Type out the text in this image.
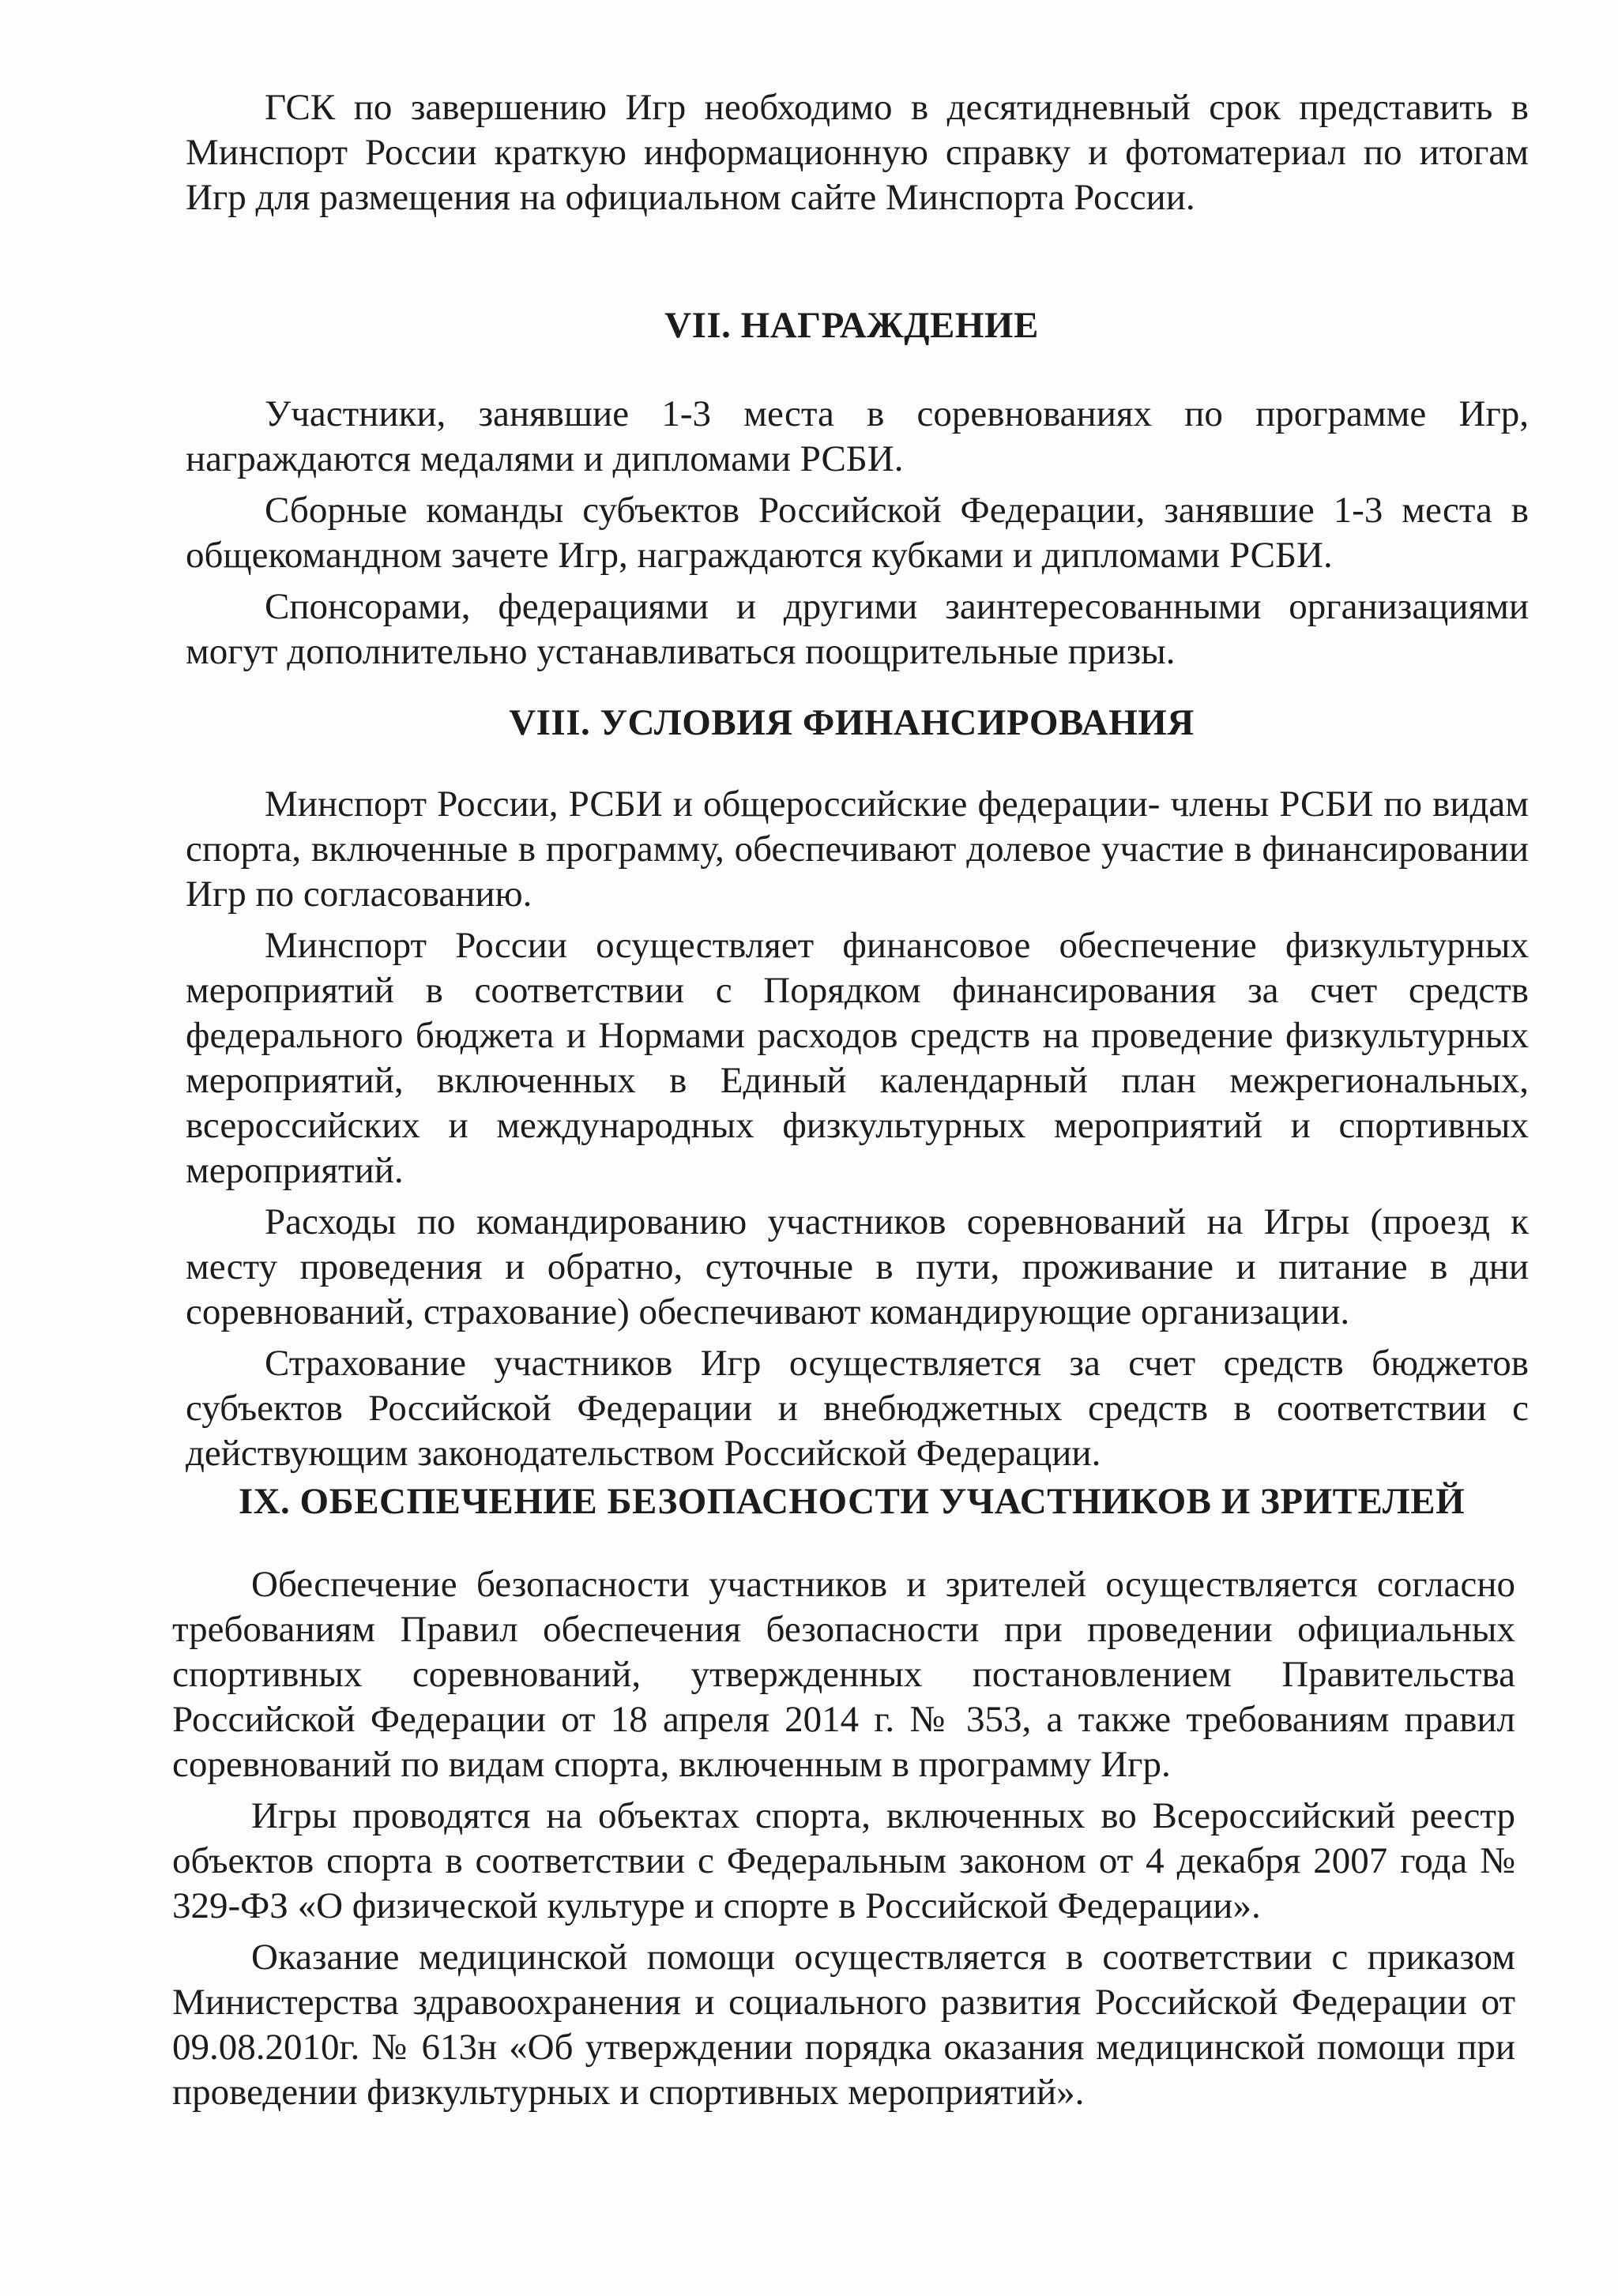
ГСК по завершению Игр необходимо в десятидневный срок представить в Минспорт России краткую информационную справку и фотоматериал по итогам Игр для размещения на официальном сайте Минспорта России.

VII. НАГРАЖДЕНИЕ

Участники, занявшие 1-3 места в соревнованиях по программе Игр, награждаются медалями и дипломами РСБИ.

Сборные команды субъектов Российской Федерации, занявшие 1-3 места в общекомандном зачете Игр, награждаются кубками и дипломами РСБИ.

Спонсорами, федерациями и другими заинтересованными организациями могут дополнительно устанавливаться поощрительные призы.

VIII. УСЛОВИЯ ФИНАНСИРОВАНИЯ

Минспорт России, РСБИ и общероссийские федерации- члены РСБИ по видам спорта, включенные в программу, обеспечивают долевое участие в финансировании Игр по согласованию.

Минспорт России осуществляет финансовое обеспечение физкультурных мероприятий в соответствии с Порядком финансирования за счет средств федерального бюджета и Нормами расходов средств на проведение физкультурных мероприятий, включенных в Единый календарный план межрегиональных, всероссийских и международных физкультурных мероприятий и спортивных мероприятий.

Расходы по командированию участников соревнований на Игры (проезд к месту проведения и обратно, суточные в пути, проживание и питание в дни соревнований, страхование) обеспечивают командирующие организации.

Страхование участников Игр осуществляется за счет средств бюджетов субъектов Российской Федерации и внебюджетных средств в соответствии с действующим законодательством Российской Федерации.

IX. ОБЕСПЕЧЕНИЕ БЕЗОПАСНОСТИ УЧАСТНИКОВ И ЗРИТЕЛЕЙ

Обеспечение безопасности участников и зрителей осуществляется согласно требованиям Правил обеспечения безопасности при проведении официальных спортивных соревнований, утвержденных постановлением Правительства Российской Федерации от 18 апреля 2014 г. № 353, а также требованиям правил соревнований по видам спорта, включенным в программу Игр.

Игры проводятся на объектах спорта, включенных во Всероссийский реестр объектов спорта в соответствии с Федеральным законом от 4 декабря 2007 года № 329-ФЗ «О физической культуре и спорте в Российской Федерации».

Оказание медицинской помощи осуществляется в соответствии с приказом Министерства здравоохранения и социального развития Российской Федерации от 09.08.2010г. № 613н «Об утверждении порядка оказания медицинской помощи при проведении физкультурных и спортивных мероприятий».
